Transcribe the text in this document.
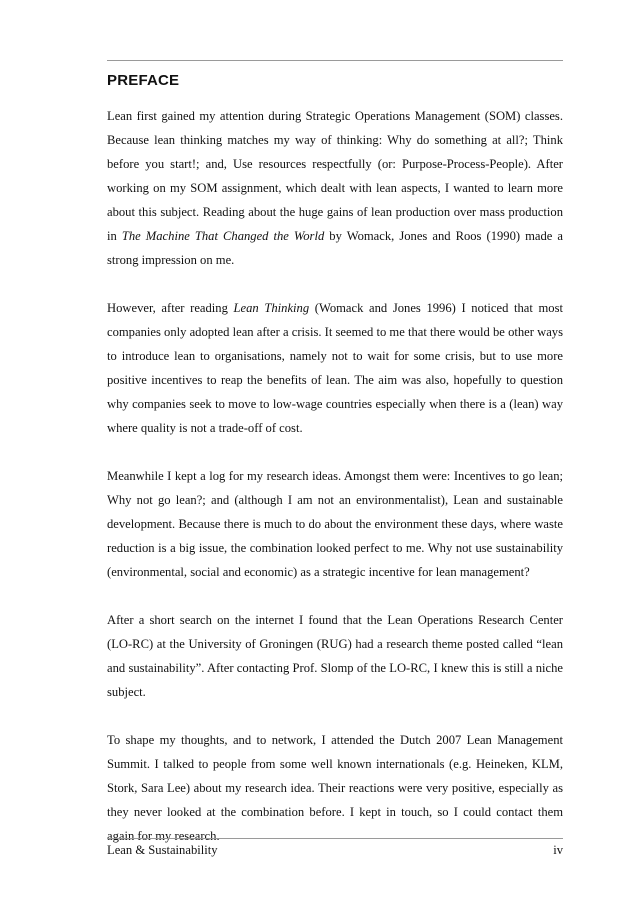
PREFACE

Lean first gained my attention during Strategic Operations Management (SOM) classes. Because lean thinking matches my way of thinking: Why do something at all?; Think before you start!; and, Use resources respectfully (or: Purpose-Process-People). After working on my SOM assignment, which dealt with lean aspects, I wanted to learn more about this subject. Reading about the huge gains of lean production over mass production in The Machine That Changed the World by Womack, Jones and Roos (1990) made a strong impression on me.

However, after reading Lean Thinking (Womack and Jones 1996) I noticed that most companies only adopted lean after a crisis. It seemed to me that there would be other ways to introduce lean to organisations, namely not to wait for some crisis, but to use more positive incentives to reap the benefits of lean. The aim was also, hopefully to question why companies seek to move to low-wage countries especially when there is a (lean) way where quality is not a trade-off of cost.

Meanwhile I kept a log for my research ideas. Amongst them were: Incentives to go lean; Why not go lean?; and (although I am not an environmentalist), Lean and sustainable development. Because there is much to do about the environment these days, where waste reduction is a big issue, the combination looked perfect to me. Why not use sustainability (environmental, social and economic) as a strategic incentive for lean management?

After a short search on the internet I found that the Lean Operations Research Center (LO-RC) at the University of Groningen (RUG) had a research theme posted called “lean and sustainability”. After contacting Prof. Slomp of the LO-RC, I knew this is still a niche subject.

To shape my thoughts, and to network, I attended the Dutch 2007 Lean Management Summit. I talked to people from some well known internationals (e.g. Heineken, KLM, Stork, Sara Lee) about my research idea. Their reactions were very positive, especially as they never looked at the combination before. I kept in touch, so I could contact them again for my research.

Lean & Sustainability	iv
